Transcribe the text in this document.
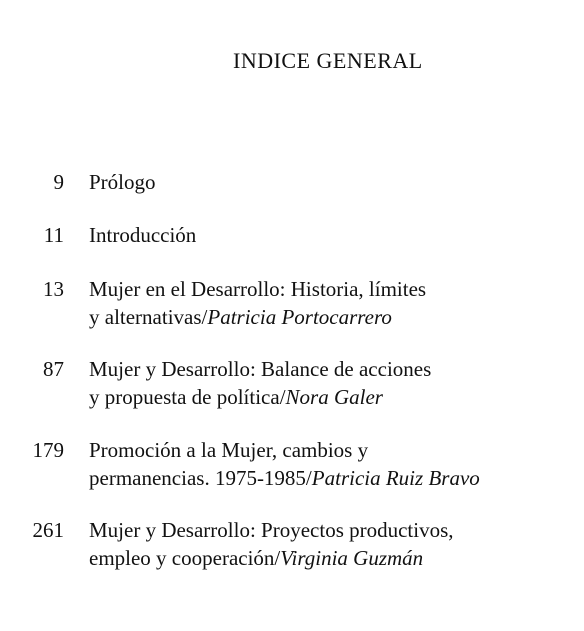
INDICE GENERAL
9 Prólogo
11 Introducción
13 Mujer en el Desarrollo: Historia, límites
y alternativas/Patricia Portocarrero
87 Mujer y Desarrollo: Balance de acciones
y propuesta de política/Nora Galer
179 Promoción a la Mujer, cambios y
permanencias. 1975-1985/Patricia Ruiz Bravo
261 Mujer y Desarrollo: Proyectos productivos,
empleo y cooperación/Virginia Guzmán
